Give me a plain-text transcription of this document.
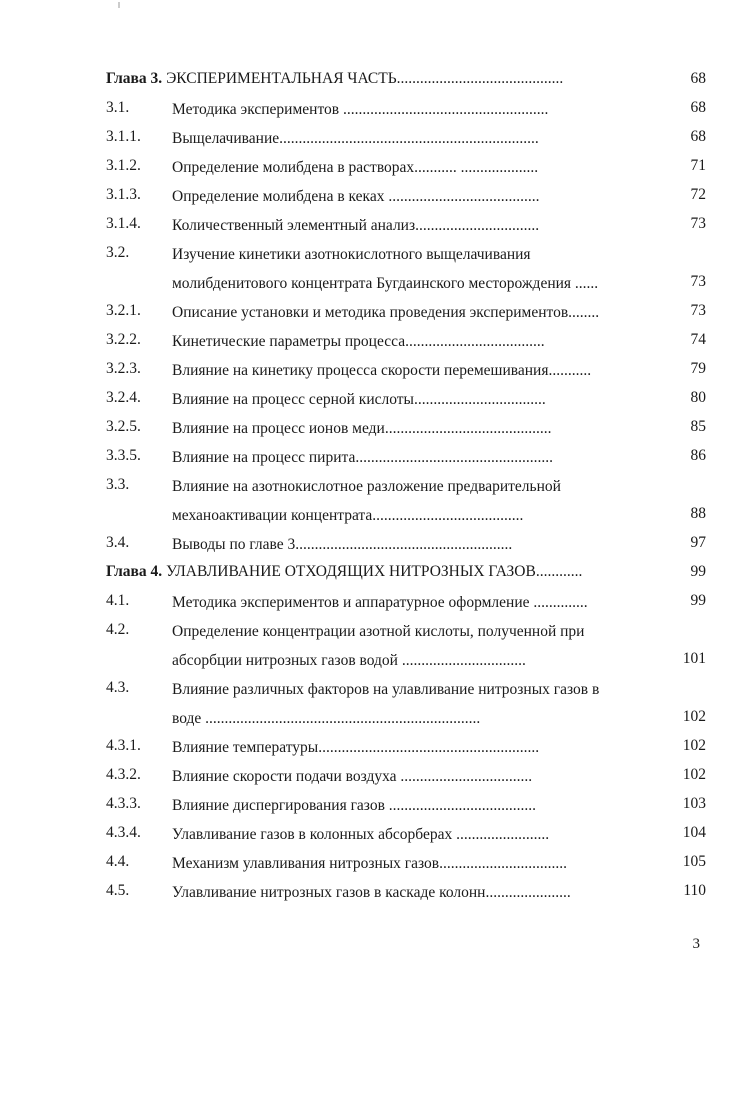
Глава 3. ЭКСПЕРИМЕНТАЛЬНАЯ ЧАСТЬ...........................................	68
3.1.	Методика экспериментов .....................................................	68
3.1.1. Выщелачивание...................................................................	68
3.1.2. Определение молибдена в растворах........... ....................	71
3.1.3. Определение молибдена в кеках .......................................	72
3.1.4. Количественный элементный анализ................................	73
3.2.	Изучение кинетики азотнокислотного выщелачивания
молибденитового концентрата Бугдаинского месторождения ......	73
3.2.1. Описание установки и методика проведения экспериментов........	73
3.2.2. Кинетические параметры процесса....................................	74
3.2.3. Влияние на кинетику процесса скорости перемешивания...........	79
3.2.4. Влияние на процесс серной кислоты..................................	80
3.2.5. Влияние на процесс ионов меди...........................................	85
3.3.5. Влияние на процесс пирита...................................................	86
3.3.	Влияние на азотнокислотное разложение предварительной
механоактивации концентрата.......................................	88
3.4.	Выводы по главе 3........................................................	97
Глава 4. УЛАВЛИВАНИЕ ОТХОДЯЩИХ НИТРОЗНЫХ ГАЗОВ............	99
4.1.	Методика экспериментов и аппаратурное оформление ..............	99
4.2.	Определение концентрации азотной кислоты, полученной при
абсорбции нитрозных газов водой ................................	101
4.3.	Влияние различных факторов на улавливание нитрозных газов в
воде .......................................................................	102
4.3.1. Влияние температуры.........................................................	102
4.3.2. Влияние скорости подачи воздуха ..................................	102
4.3.3. Влияние диспергирования газов ......................................	103
4.3.4. Улавливание газов в колонных абсорберах ........................	104
4.4.	Механизм улавливания нитрозных газов.................................	105
4.5.	Улавливание нитрозных газов в каскаде колонн......................	110
3
